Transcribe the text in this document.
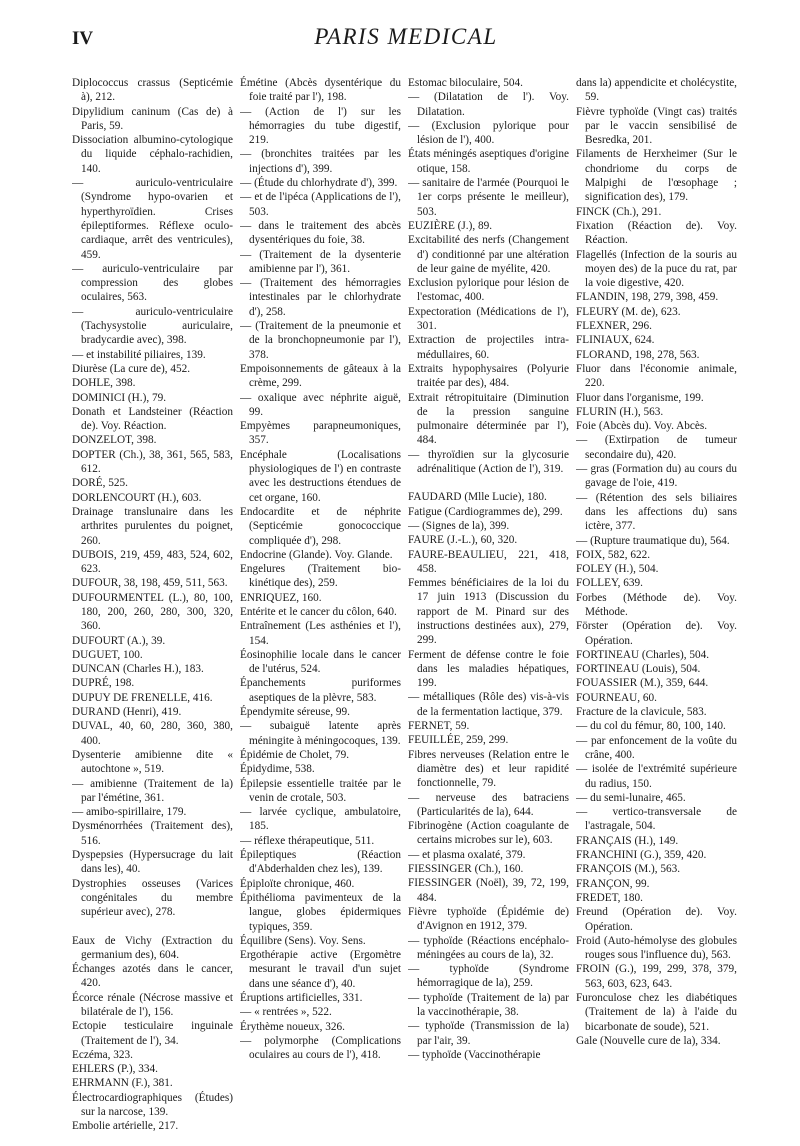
IV	PARIS MEDICAL

Diplococcus crassus (Septicémie à), 212.

Dipylidium caninum (Cas de) à Paris, 59.

Dissociation albumino-cytologique du liquide céphalo-rachidien, 140.

— auriculo-ventriculaire (Syndrome hypo-ovarien et hyperthyroïdien. Crises épileptiformes. Réflexe oculo-cardiaque, arrêt des ventricules), 459.

— auriculo-ventriculaire par compression des globes oculaires, 563.

— auriculo-ventriculaire (Tachysystolie auriculaire, bradycardie avec), 398.

— et instabilité piliaires, 139.

Diurèse (La cure de), 452.

DOHLE, 398.

DOMINICI (H.), 79.

Donath et Landsteiner (Réaction de). Voy. Réaction.

DONZELOT, 398.

DOPTER (Ch.), 38, 361, 565, 583, 612.

DORÉ, 525.

DORLENCOURT (H.), 603.

Drainage translunaire dans les arthrites purulentes du poignet, 260.

DUBOIS, 219, 459, 483, 524, 602, 623.

DUFOUR, 38, 198, 459, 511, 563.

DUFOURMENTEL (L.), 80, 100, 180, 200, 260, 280, 300, 320, 360.

DUFOURT (A.), 39.

DUGUET, 100.

DUNCAN (Charles H.), 183.

DUPRÉ, 198.

DUPUY DE FRENELLE, 416.

DURAND (Henri), 419.

DUVAL, 40, 60, 280, 360, 380, 400.

Dysenterie amibienne dite « autochtone », 519.

— amibienne (Traitement de la) par l'émétine, 361.

— amibo-spirillaire, 179.

Dysménorrhées (Traitement des), 516.

Dyspepsies (Hypersucrage du lait dans les), 40.

Dystrophies osseuses (Varices congénitales du membre supérieur avec), 278.

Eaux de Vichy (Extraction du germanium des), 604.

Échanges azotés dans le cancer, 420.

Écorce rénale (Nécrose massive et bilatérale de l'), 156.

Ectopie testiculaire inguinale (Traitement de l'), 34.

Eczéma, 323.

EHLERS (P.), 334.

EHRMANN (F.), 381.

Électrocardiographiques (Études) sur la narcose, 139.

Embolie artérielle, 217.

Émétine (Abcès dysentérique du foie traité par l'), 198.

— (Action de l') sur les hémorragies du tube digestif, 219.

— (bronchites traitées par les injections d'), 399.

— (Étude du chlorhydrate d'), 399.

— et de l'ipéca (Applications de l'), 503.

— dans le traitement des abcès dysentériques du foie, 38.

— (Traitement de la dysenterie amibienne par l'), 361.

— (Traitement des hémorragies intestinales par le chlorhydrate d'), 258.

— (Traitement de la pneumonie et de la bronchopneumonie par l'), 378.

Empoisonnements de gâteaux à la crème, 299.

— oxalique avec néphrite aiguë, 99.

Empyèmes parapneumoniques, 357.

Encéphale (Localisations physiologiques de l') en contraste avec les destructions étendues de cet organe, 160.

Endocardite et de néphrite (Septicémie gonococcique compliquée d'), 298.

Endocrine (Glande). Voy. Glande.

Engelures (Traitement bio-kinétique des), 259.

ENRIQUEZ, 160.

Entérite et le cancer du côlon, 640.

Entraînement (Les asthénies et l'), 154.

Éosinophilie locale dans le cancer de l'utérus, 524.

Épanchements puriformes aseptiques de la plèvre, 583.

Épendymite séreuse, 99.

— subaiguë latente après méningite à méningocoques, 139.

Épidémie de Cholet, 79.

Épidydime, 538.

Épilepsie essentielle traitée par le venin de crotale, 503.

— larvée cyclique, ambulatoire, 185.

— réflexe thérapeutique, 511.

Épileptiques (Réaction d'Abderhalden chez les), 139.

Épiploïte chronique, 460.

Épithélioma pavimenteux de la langue, globes épidermiques typiques, 359.

Équilibre (Sens). Voy. Sens.

Ergothérapie active (Ergomètre mesurant le travail d'un sujet dans une séance d'), 40.

Éruptions artificielles, 331.

— « rentrées », 522.

Érythème noueux, 326.

— polymorphe (Complications oculaires au cours de l'), 418.

Estomac biloculaire, 504.

— (Dilatation de l'). Voy. Dilatation.

— (Exclusion pylorique pour lésion de l'), 400.

États méningés aseptiques d'origine otique, 158.

— sanitaire de l'armée (Pourquoi le 1er corps présente le meilleur), 503.

EUZIÈRE (J.), 89.

Excitabilité des nerfs (Changement d') conditionné par une altération de leur gaine de myélite, 420.

Exclusion pylorique pour lésion de l'estomac, 400.

Expectoration (Médications de l'), 301.

Extraction de projectiles intra-médullaires, 60.

Extraits hypophysaires (Polyurie traitée par des), 484.

Extrait rétropituitaire (Diminution de la pression sanguine pulmonaire déterminée par l'), 484.

— thyroïdien sur la glycosurie adrénalitique (Action de l'), 319.

FAUDARD (Mlle Lucie), 180.

Fatigue (Cardiogrammes de), 299.

— (Signes de la), 399.

FAURE (J.-L.), 60, 320.

FAURE-BEAULIEU, 221, 418, 458.

Femmes bénéficiaires de la loi du 17 juin 1913 (Discussion du rapport de M. Pinard sur des instructions destinées aux), 279, 299.

Ferment de défense contre le foie dans les maladies hépatiques, 199.

— métalliques (Rôle des) vis-à-vis de la fermentation lactique, 379.

FERNET, 59.

FEUILLÉE, 259, 299.

Fibres nerveuses (Relation entre le diamètre des) et leur rapidité fonctionnelle, 79.

— nerveuse des batraciens (Particularités de la), 644.

Fibrinogène (Action coagulante de certains microbes sur le), 603.

— et plasma oxalaté, 379.

FIESSINGER (Ch.), 160.

FIESSINGER (Noël), 39, 72, 199, 484.

Fièvre typhoïde (Épidémie de) d'Avignon en 1912, 379.

— typhoïde (Réactions encéphalo-méningées au cours de la), 32.

— typhoïde (Syndrome hémorragique de la), 259.

— typhoïde (Traitement de la) par la vaccinothérapie, 38.

— typhoïde (Transmission de la) par l'air, 39.

— typhoïde (Vaccinothérapie

dans la) appendicite et cholécystite, 59.

Fièvre typhoïde (Vingt cas) traités par le vaccin sensibilisé de Besredka, 201.

Filaments de Herxheimer (Sur le chondriome du corps de Malpighi de l'œsophage ; signification des), 179.

FINCK (Ch.), 291.

Fixation (Réaction de). Voy. Réaction.

Flagellés (Infection de la souris au moyen des) de la puce du rat, par la voie digestive, 420.

FLANDIN, 198, 279, 398, 459.

FLEURY (M. de), 623.

FLEXNER, 296.

FLINIAUX, 624.

FLORAND, 198, 278, 563.

Fluor dans l'économie animale, 220.

Fluor dans l'organisme, 199.

FLURIN (H.), 563.

Foie (Abcès du). Voy. Abcès.

— (Extirpation de tumeur secondaire du), 420.

— gras (Formation du) au cours du gavage de l'oie, 419.

— (Rétention des sels biliaires dans les affections du) sans ictère, 377.

— (Rupture traumatique du), 564.

FOIX, 582, 622.

FOLEY (H.), 504.

FOLLEY, 639.

Forbes (Méthode de). Voy. Méthode.

Förster (Opération de). Voy. Opération.

FORTINEAU (Charles), 504.

FORTINEAU (Louis), 504.

FOUASSIER (M.), 359, 644.

FOURNEAU, 60.

Fracture de la clavicule, 583.

— du col du fémur, 80, 100, 140.

— par enfoncement de la voûte du crâne, 400.

— isolée de l'extrémité supérieure du radius, 150.

— du semi-lunaire, 465.

— vertico-transversale de l'astragale, 504.

FRANÇAIS (H.), 149.

FRANCHINI (G.), 359, 420.

FRANÇOIS (M.), 563.

FRANÇON, 99.

FREDET, 180.

Freund (Opération de). Voy. Opération.

Froid (Auto-hémolyse des globules rouges sous l'influence du), 563.

FROIN (G.), 199, 299, 378, 379, 563, 603, 623, 643.

Furonculose chez les diabétiques (Traitement de la) à l'aide du bicarbonate de soude), 521.

Gale (Nouvelle cure de la), 334.
